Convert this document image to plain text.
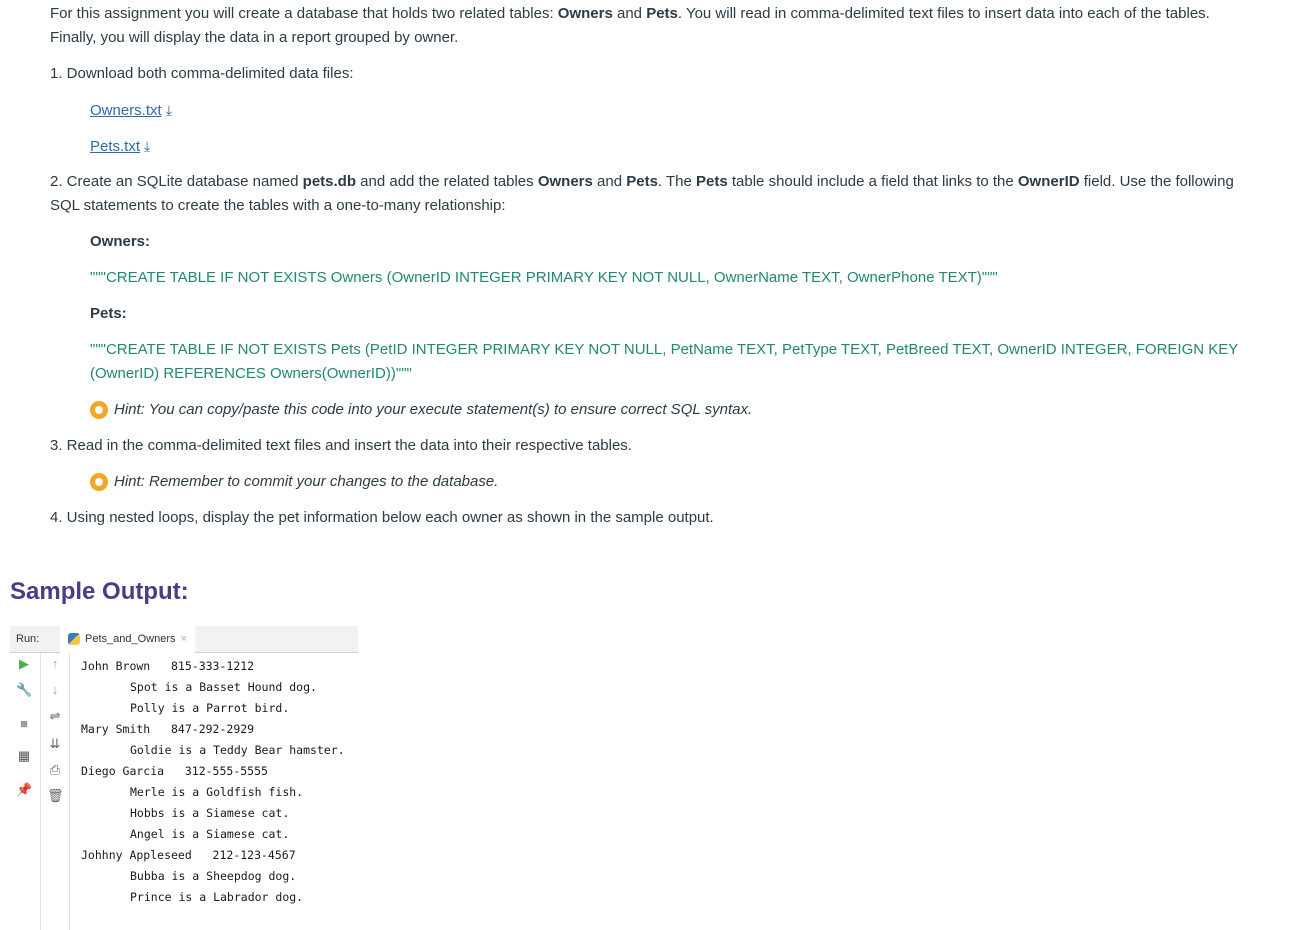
For this assignment you will create a database that holds two related tables: Owners and Pets. You will read in comma-delimited text files to insert data into each of the tables.
Finally, you will display the data in a report grouped by owner.

1. Download both comma-delimited data files:

Owners.txt ⤓

Pets.txt ⤓

2. Create an SQLite database named pets.db and add the related tables Owners and Pets. The Pets table should include a field that links to the OwnerID field. Use the following
SQL statements to create the tables with a one-to-many relationship:

Owners:

"""CREATE TABLE IF NOT EXISTS Owners (OwnerID INTEGER PRIMARY KEY NOT NULL, OwnerName TEXT, OwnerPhone TEXT)"""

Pets:

"""CREATE TABLE IF NOT EXISTS Pets (PetID INTEGER PRIMARY KEY NOT NULL, PetName TEXT, PetType TEXT, PetBreed TEXT, OwnerID INTEGER, FOREIGN KEY
(OwnerID) REFERENCES Owners(OwnerID))"""

Hint: You can copy/paste this code into your execute statement(s) to ensure correct SQL syntax.

3. Read in the comma-delimited text files and insert the data into their respective tables.

Hint: Remember to commit your changes to the database.

4. Using nested loops, display the pet information below each owner as shown in the sample output.

Sample Output:
Run:	Pets_and_Owners ×
▶
🔧
■
▦
📌
↑
↓
⇌
⇊
⎙
🗑
John Brown   815-333-1212
Spot is a Basset Hound dog.
Polly is a Parrot bird.
Mary Smith   847-292-2929
Goldie is a Teddy Bear hamster.
Diego Garcia   312-555-5555
Merle is a Goldfish fish.
Hobbs is a Siamese cat.
Angel is a Siamese cat.
Johhny Appleseed   212-123-4567
Bubba is a Sheepdog dog.
Prince is a Labrador dog.
